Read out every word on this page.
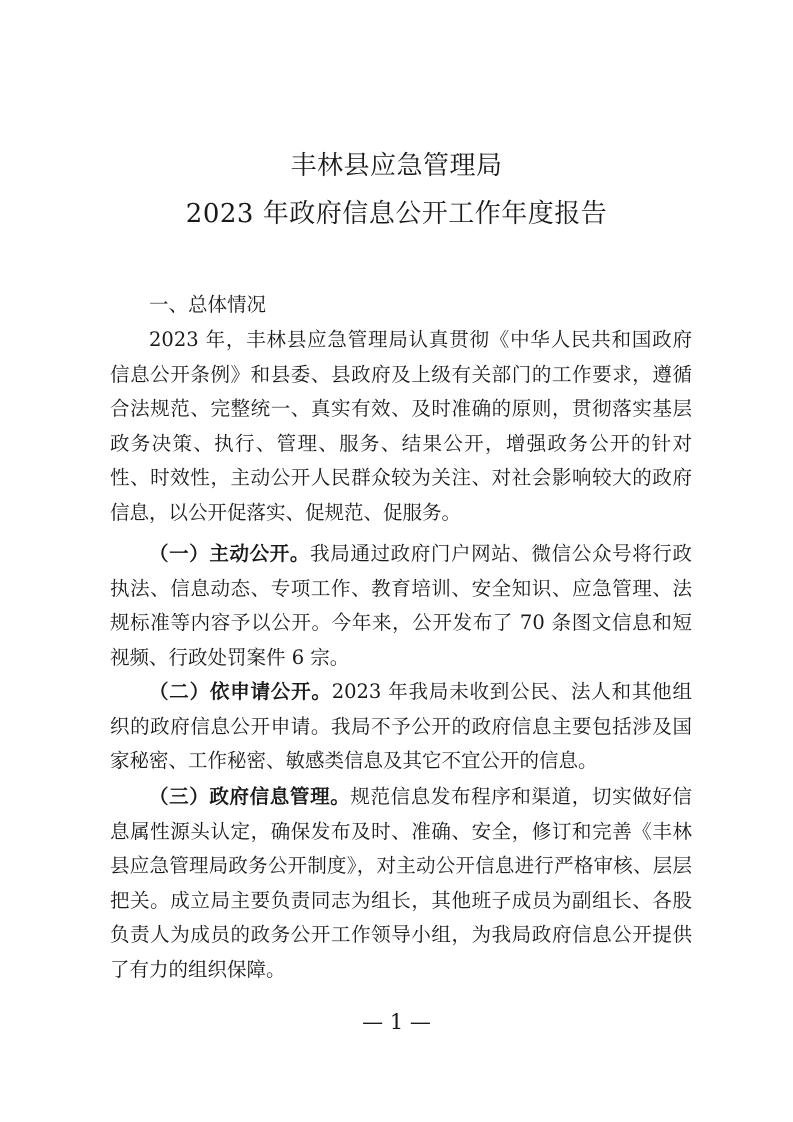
丰林县应急管理局
2023 年政府信息公开工作年度报告
一、总体情况
2023 年，丰林县应急管理局认真贯彻《中华人民共和国政府信息公开条例》和县委、县政府及上级有关部门的工作要求，遵循合法规范、完整统一、真实有效、及时准确的原则，贯彻落实基层政务决策、执行、管理、服务、结果公开，增强政务公开的针对性、时效性，主动公开人民群众较为关注、对社会影响较大的政府信息，以公开促落实、促规范、促服务。
（一）主动公开。我局通过政府门户网站、微信公众号将行政执法、信息动态、专项工作、教育培训、安全知识、应急管理、法规标准等内容予以公开。今年来，公开发布了 70 条图文信息和短视频、行政处罚案件 6 宗。
（二）依申请公开。2023 年我局未收到公民、法人和其他组织的政府信息公开申请。我局不予公开的政府信息主要包括涉及国家秘密、工作秘密、敏感类信息及其它不宜公开的信息。
（三）政府信息管理。规范信息发布程序和渠道，切实做好信息属性源头认定，确保发布及时、准确、安全，修订和完善《丰林县应急管理局政务公开制度》，对主动公开信息进行严格审核、层层把关。成立局主要负责同志为组长，其他班子成员为副组长、各股负责人为成员的政务公开工作领导小组，为我局政府信息公开提供了有力的组织保障。
— 1 —
